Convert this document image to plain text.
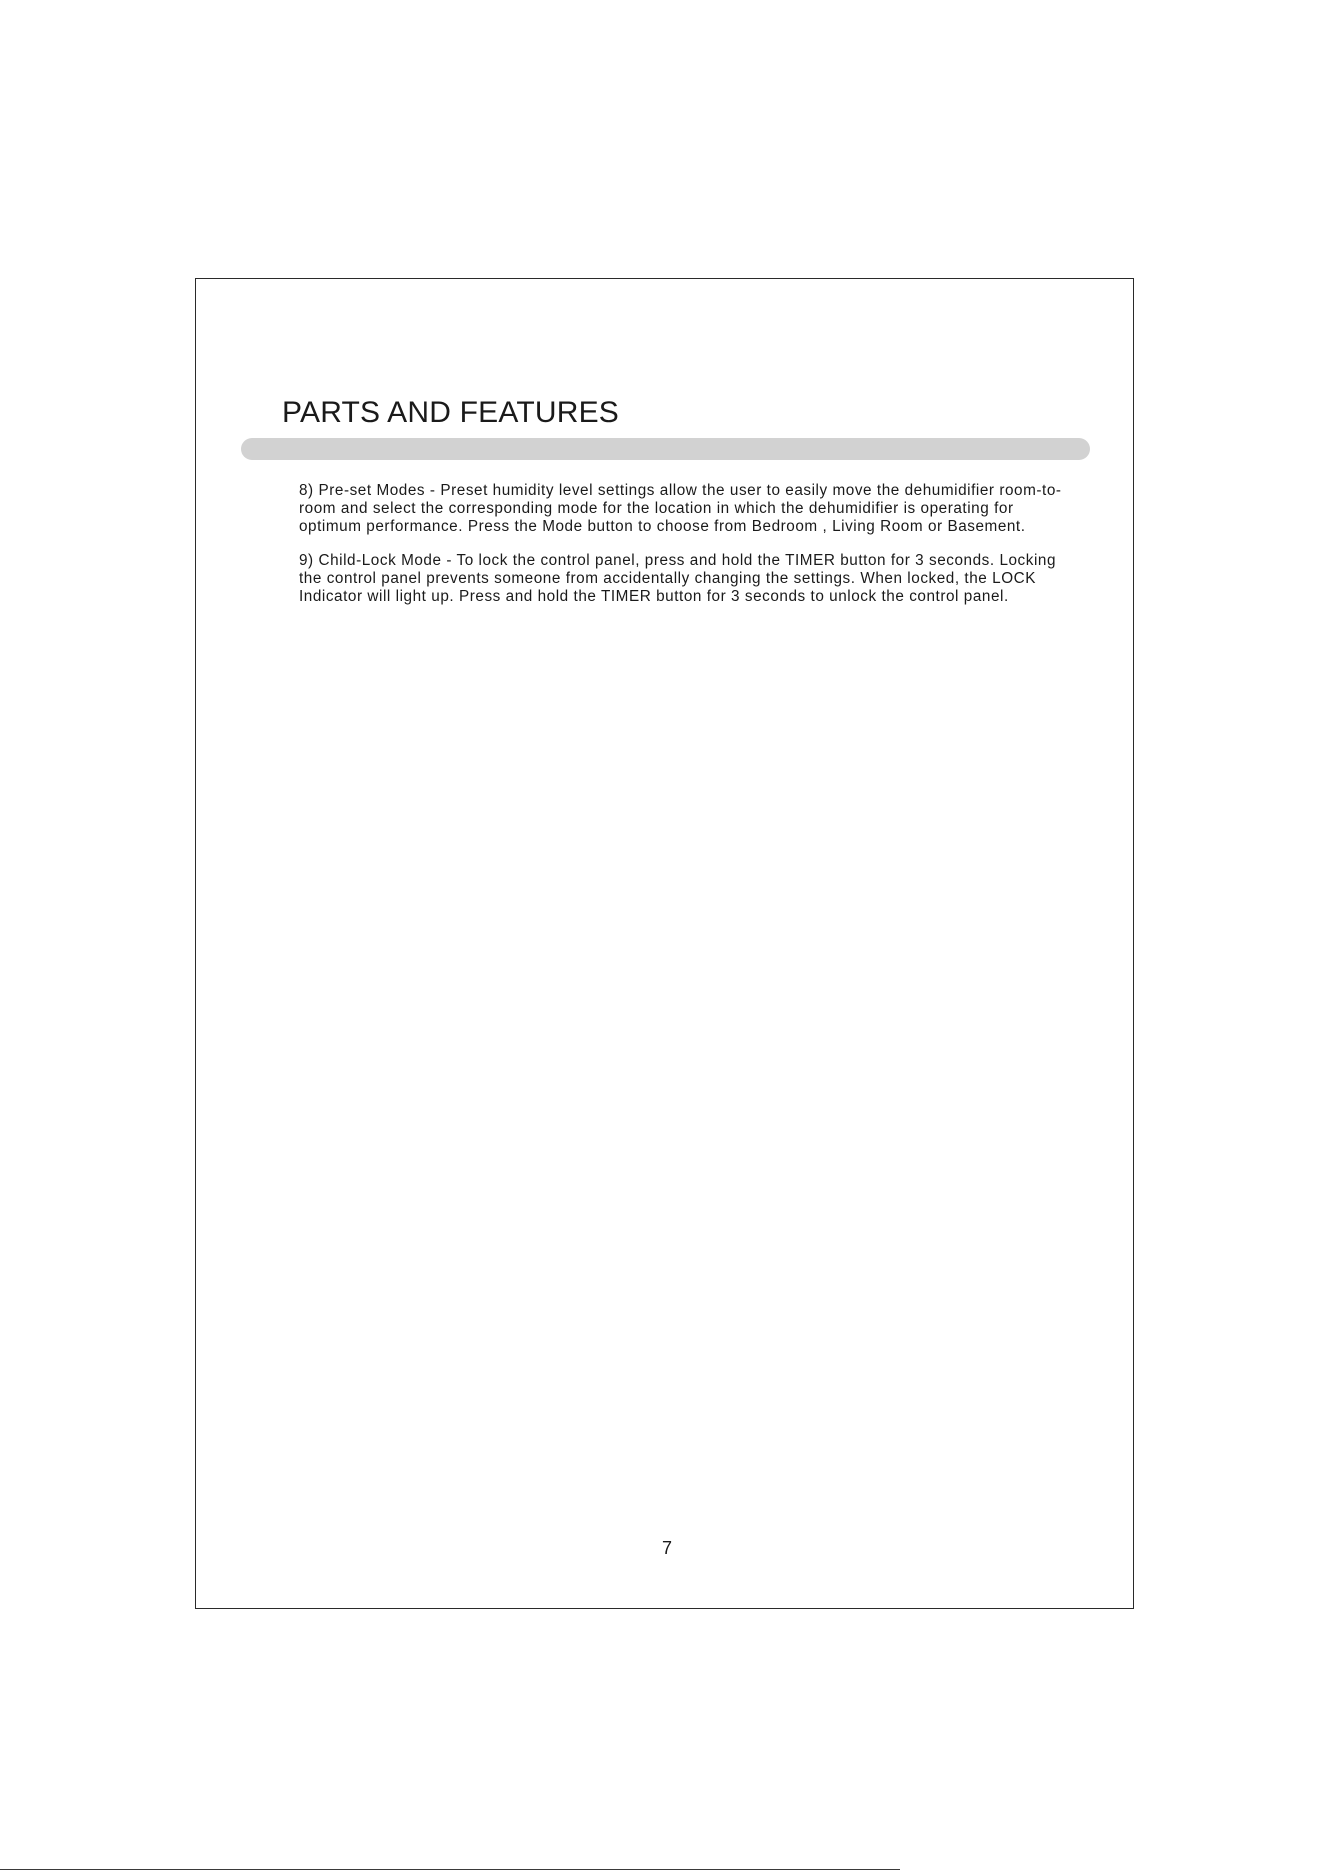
PARTS AND FEATURES

8) Pre-set Modes - Preset humidity level settings allow the user to easily move the dehumidifier room-to-room and select the corresponding mode for the location in which the dehumidifier is operating for optimum performance. Press the Mode button to choose from Bedroom , Living Room or Basement.

9) Child-Lock Mode - To lock the control panel, press and hold the TIMER button for 3 seconds. Locking the control panel prevents someone from accidentally changing the settings. When locked, the LOCK Indicator will light up. Press and hold the TIMER button for 3 seconds to unlock the control panel.

7
